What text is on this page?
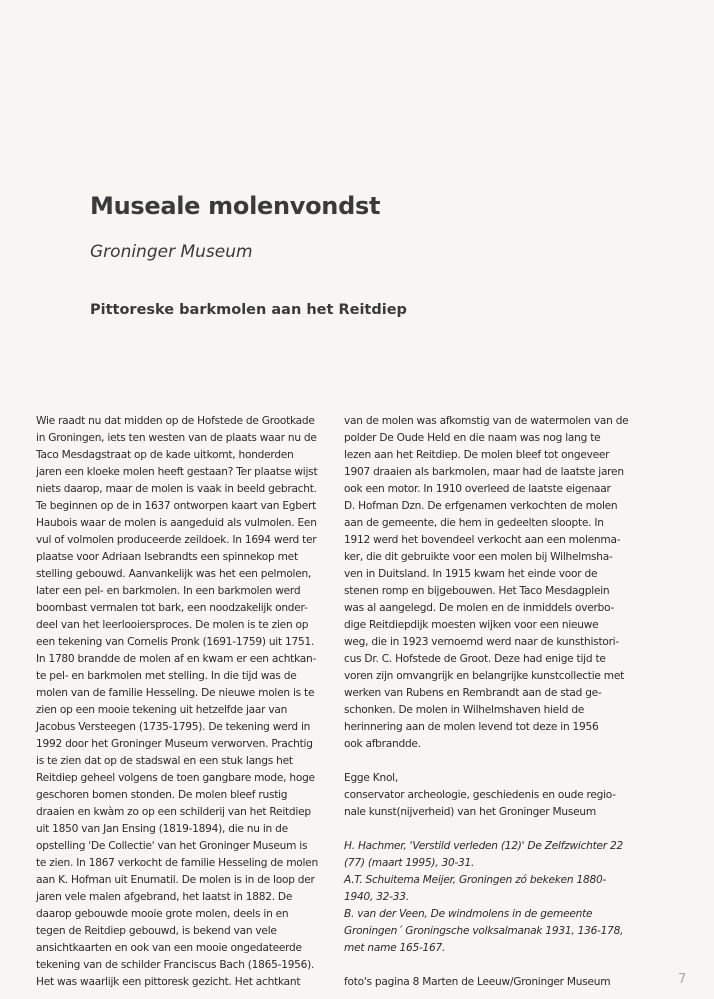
Museale molenvondst
Groninger Museum
Pittoreske barkmolen aan het Reitdiep
Wie raadt nu dat midden op de Hofstede de Grootkade
in Groningen, iets ten westen van de plaats waar nu de
Taco Mesdagstraat op de kade uitkomt, honderden
jaren een kloeke molen heeft gestaan? Ter plaatse wijst
niets daarop, maar de molen is vaak in beeld gebracht.
Te beginnen op de in 1637 ontworpen kaart van Egbert
Haubois waar de molen is aangeduid als vulmolen. Een
vul of volmolen produceerde zeildoek. In 1694 werd ter
plaatse voor Adriaan Isebrandts een spinnekop met
stelling gebouwd. Aanvankelijk was het een pelmolen,
later een pel- en barkmolen. In een barkmolen werd
boombast vermalen tot bark, een noodzakelijk onder-
deel van het leerlooiersproces. De molen is te zien op
een tekening van Cornelis Pronk (1691-1759) uit 1751.
In 1780 brandde de molen af en kwam er een achtkan-
te pel- en barkmolen met stelling. In die tijd was de
molen van de familie Hesseling. De nieuwe molen is te
zien op een mooie tekening uit hetzelfde jaar van
Jacobus Versteegen (1735-1795). De tekening werd in
1992 door het Groninger Museum verworven. Prachtig
is te zien dat op de stadswal en een stuk langs het
Reitdiep geheel volgens de toen gangbare mode, hoge
geschoren bomen stonden. De molen bleef rustig
draaien en kwàm zo op een schilderij van het Reitdiep
uit 1850 van Jan Ensing (1819-1894), die nu in de
opstelling 'De Collectie' van het Groninger Museum is
te zien. In 1867 verkocht de familie Hesseling de molen
aan K. Hofman uit Enumatil. De molen is in de loop der
jaren vele malen afgebrand, het laatst in 1882. De
daarop gebouwde mooie grote molen, deels in en
tegen de Reitdiep gebouwd, is bekend van vele
ansichtkaarten en ook van een mooie ongedateerde
tekening van de schilder Franciscus Bach (1865-1956).
Het was waarlijk een pittoresk gezicht. Het achtkant
van de molen was afkomstig van de watermolen van de
polder De Oude Held en die naam was nog lang te
lezen aan het Reitdiep. De molen bleef tot ongeveer
1907 draaien als barkmolen, maar had de laatste jaren
ook een motor. In 1910 overleed de laatste eigenaar
D. Hofman Dzn. De erfgenamen verkochten de molen
aan de gemeente, die hem in gedeelten sloopte. In
1912 werd het bovendeel verkocht aan een molenma-
ker, die dit gebruikte voor een molen bij Wilhelmsha-
ven in Duitsland. In 1915 kwam het einde voor de
stenen romp en bijgebouwen. Het Taco Mesdagplein
was al aangelegd. De molen en de inmiddels overbo-
dige Reitdiepdijk moesten wijken voor een nieuwe
weg, die in 1923 vernoemd werd naar de kunsthistori-
cus Dr. C. Hofstede de Groot. Deze had enige tijd te
voren zijn omvangrijk en belangrijke kunstcollectie met
werken van Rubens en Rembrandt aan de stad ge-
schonken. De molen in Wilhelmshaven hield de
herinnering aan de molen levend tot deze in 1956
ook afbrandde.
Egge Knol,
conservator archeologie, geschiedenis en oude regio-
nale kunst(nijverheid) van het Groninger Museum
H. Hachmer, 'Verstild verleden (12)' De Zelfzwichter 22
(77) (maart 1995), 30-31.
A.T. Schuitema Meijer, Groningen zó bekeken 1880-
1940, 32-33.
B. van der Veen, De windmolens in de gemeente
Groningen´ Groningsche volksalmanak 1931, 136-178,
met name 165-167.
foto's pagina 8 Marten de Leeuw/Groninger Museum	7
